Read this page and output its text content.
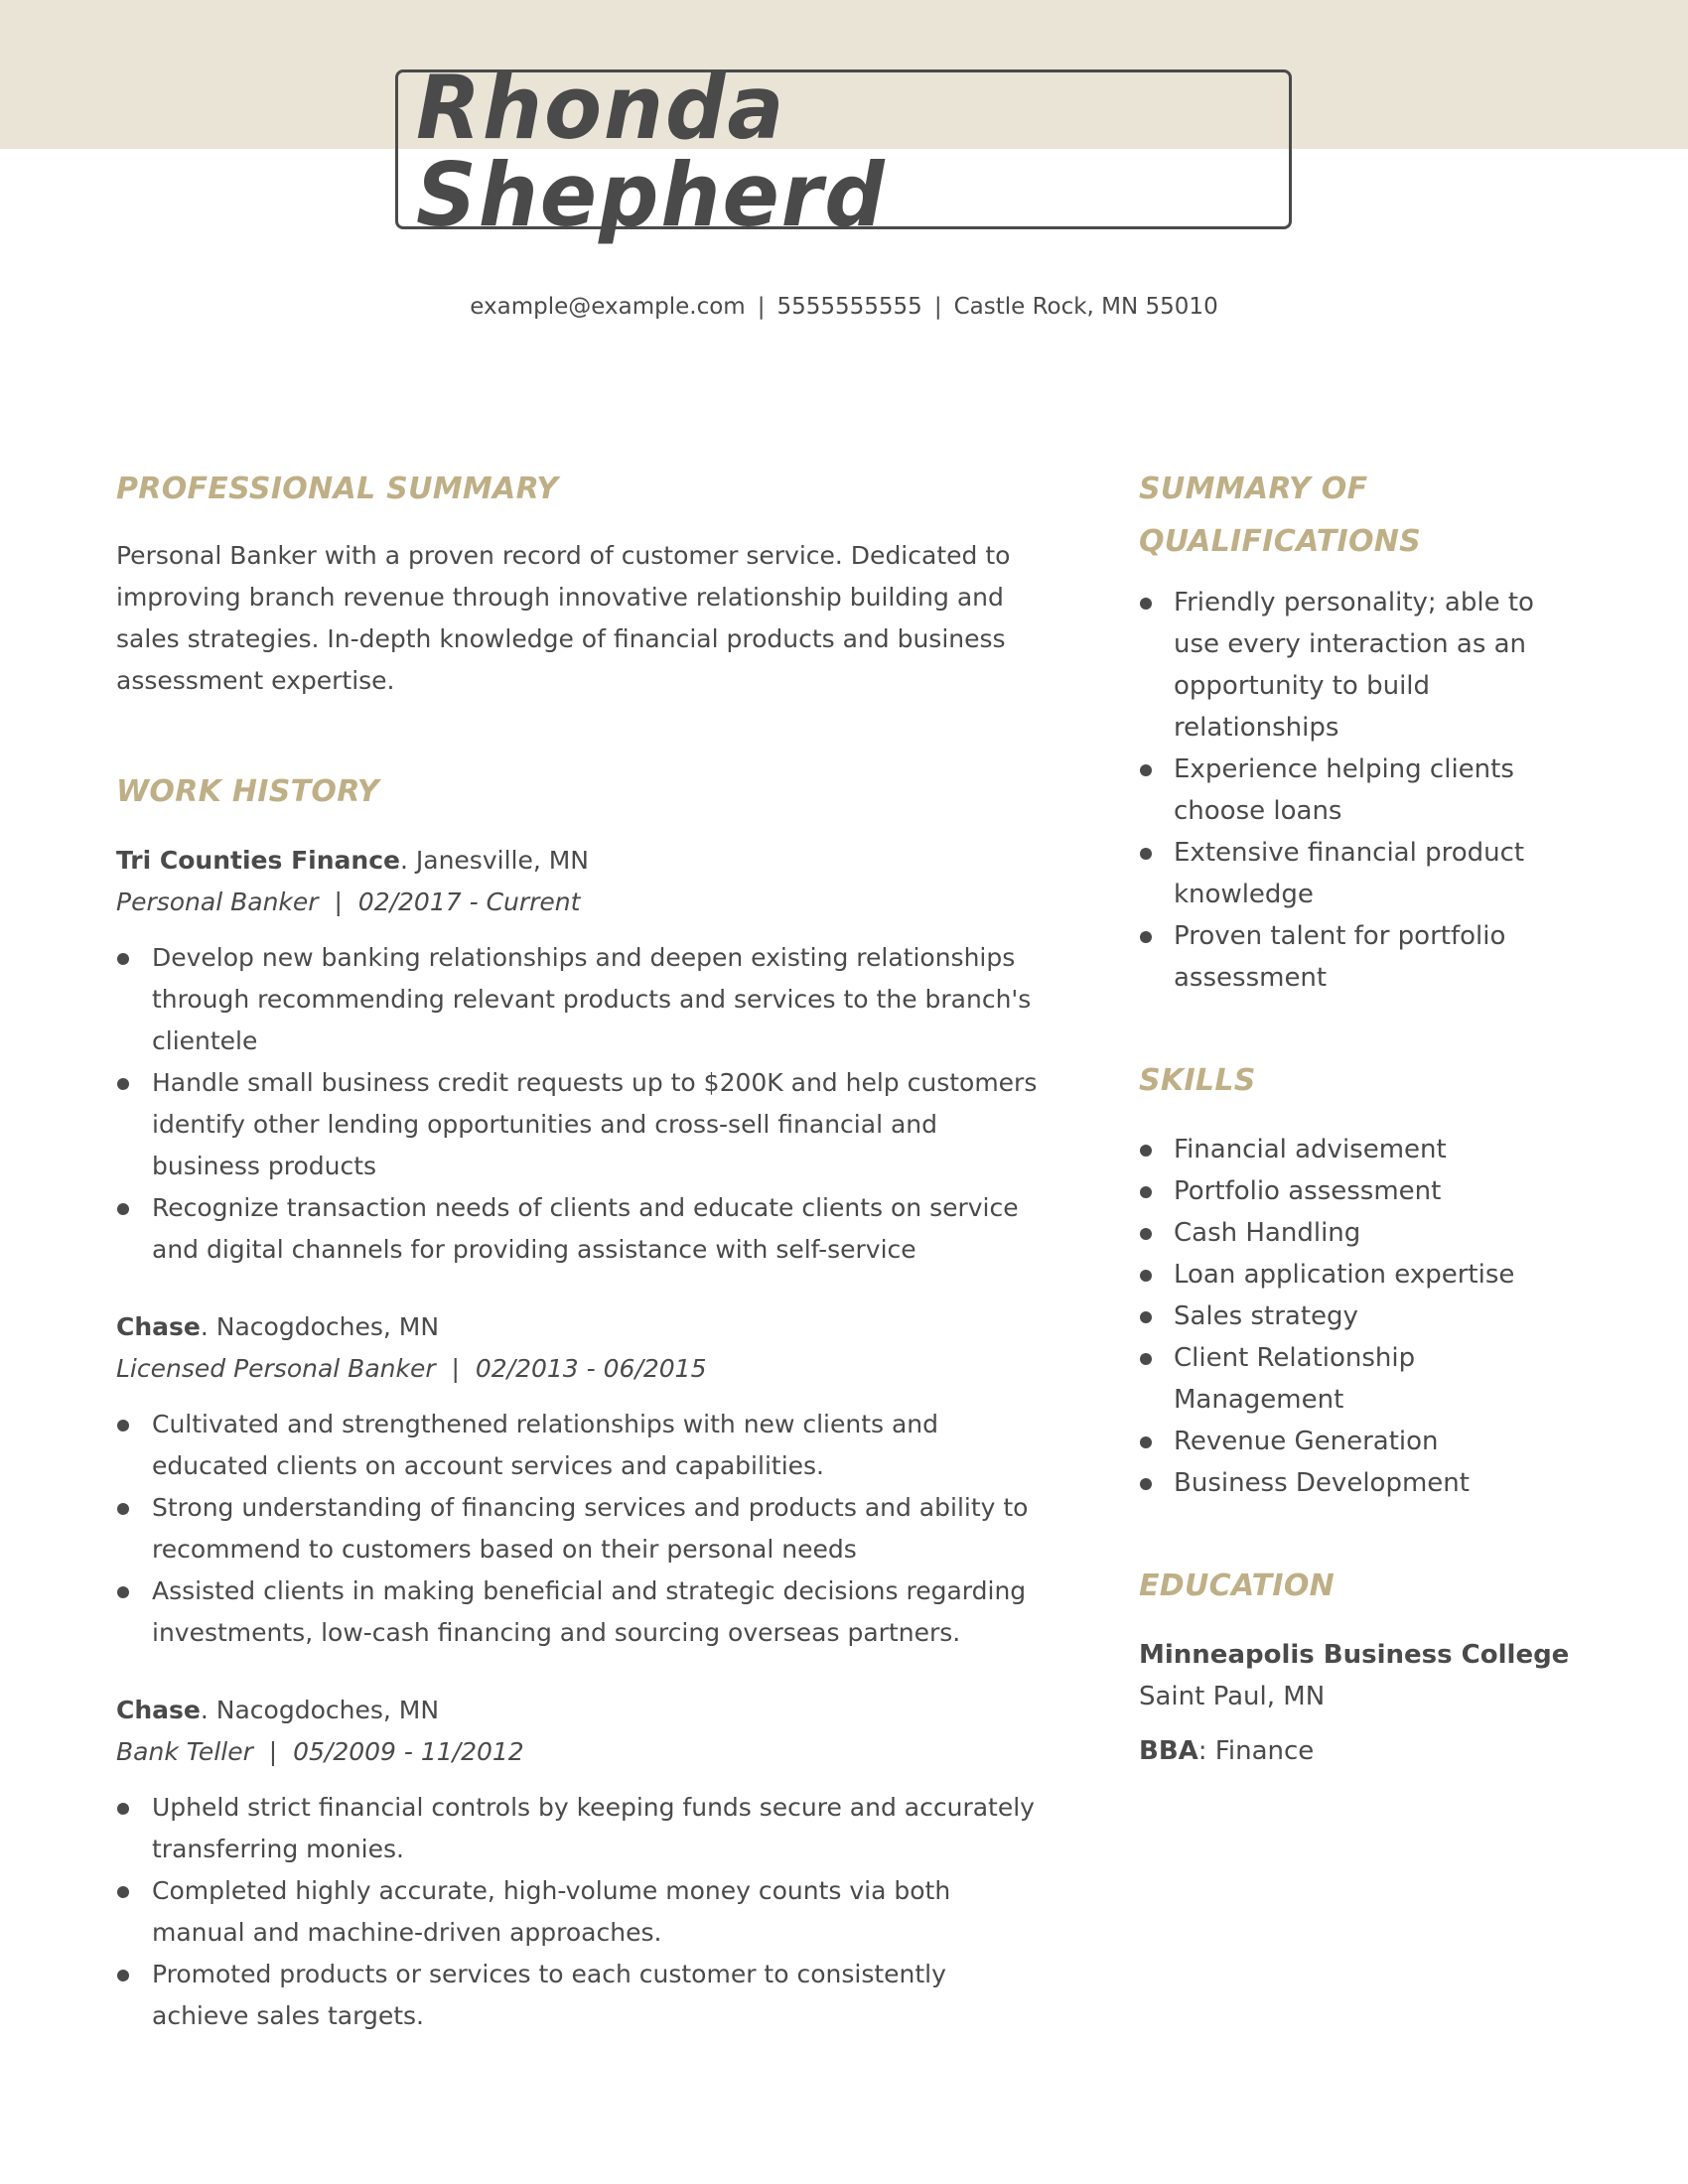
Rhonda Shepherd
example@example.com | 5555555555 | Castle Rock, MN 55010
PROFESSIONAL SUMMARY

Personal Banker with a proven record of customer service. Dedicated to improving branch revenue through innovative relationship building and sales strategies. In-depth knowledge of financial products and business assessment expertise.

WORK HISTORY
Tri Counties Finance. Janesville, MN
Personal Banker  |  02/2017 - Current
Develop new banking relationships and deepen existing relationships through recommending relevant products and services to the branch's clientele
Handle small business credit requests up to $200K and help customers identify other lending opportunities and cross-sell financial and business products
Recognize transaction needs of clients and educate clients on service and digital channels for providing assistance with self-service
Chase. Nacogdoches, MN
Licensed Personal Banker  |  02/2013 - 06/2015
Cultivated and strengthened relationships with new clients and educated clients on account services and capabilities.
Strong understanding of financing services and products and ability to recommend to customers based on their personal needs
Assisted clients in making beneficial and strategic decisions regarding investments, low-cash financing and sourcing overseas partners.
Chase. Nacogdoches, MN
Bank Teller  |  05/2009 - 11/2012
Upheld strict financial controls by keeping funds secure and accurately transferring monies.
Completed highly accurate, high-volume money counts via both manual and machine-driven approaches.
Promoted products or services to each customer to consistently achieve sales targets.
SUMMARY OF
QUALIFICATIONS
Friendly personality; able to use every interaction as an opportunity to build relationships
Experience helping clients choose loans
Extensive financial product knowledge
Proven talent for portfolio assessment
SKILLS
Financial advisement
Portfolio assessment
Cash Handling
Loan application expertise
Sales strategy
Client Relationship Management
Revenue Generation
Business Development
EDUCATION
Minneapolis Business College
Saint Paul, MN
BBA: Finance
